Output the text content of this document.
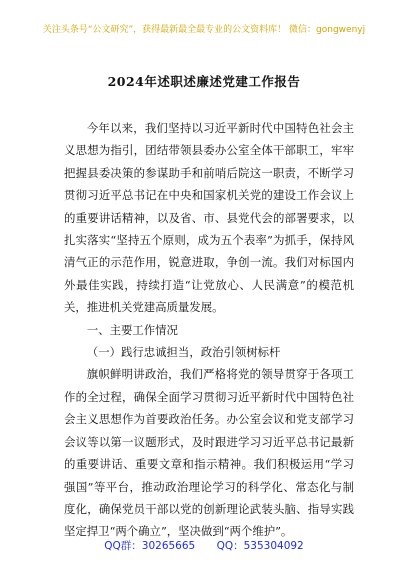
关注头条号“公文研究”，获得最新最全最专业的公文资料库！ 微信：gongwenyj
2024年述职述廉述党建工作报告

今年以来，我们坚持以习近平新时代中国特色社会主义思想为指引，团结带领县委办公室全体干部职工，牢牢把握县委决策的参谋助手和前哨后院这一职责，不断学习贯彻习近平总书记在中央和国家机关党的建设工作会议上的重要讲话精神，以及省、市、县党代会的部署要求，以扎实落实“坚持五个原则，成为五个表率”为抓手，保持风清气正的示范作用，锐意进取，争创一流。我们对标国内外最佳实践，持续打造“让党放心、人民满意”的模范机关，推进机关党建高质量发展。

一、主要工作情况

（一）践行忠诚担当，政治引领树标杆

旗帜鲜明讲政治，我们严格将党的领导贯穿于各项工作的全过程，确保全面学习贯彻习近平新时代中国特色社会主义思想作为首要政治任务。办公室会议和党支部学习会议等以第一议题形式，及时跟进学习习近平总书记最新的重要讲话、重要文章和指示精神。我们积极运用“学习强国”等平台，推动政治理论学习的科学化、常态化与制度化，确保党员干部以党的创新理论武装头脑、指导实践坚定捍卫“两个确立”，坚决做到“两个维护”。

QQ群：30265665 QQ：535304092
